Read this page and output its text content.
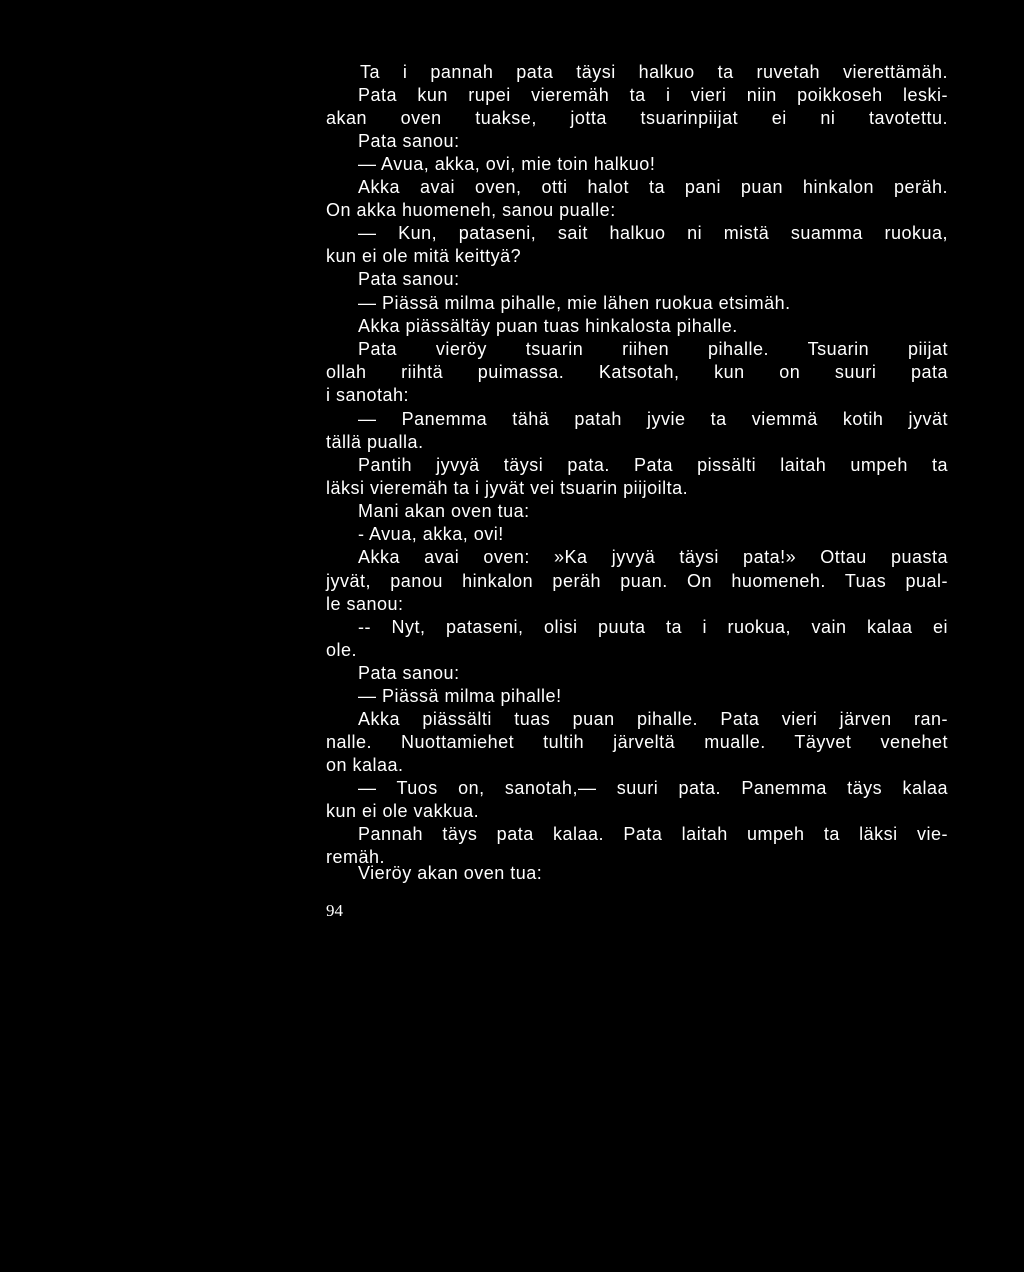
Ta i pannah pata täysi halkuo ta ruvetah vierettämäh.
Pata kun rupei vieremäh ta i vieri niin poikkoseh leski-
akan oven tuakse, jotta tsuarinpiijat ei ni tavotettu.
Pata sanou:
— Avua, akka, ovi, mie toin halkuo!
Akka avai oven, otti halot ta pani puan hinkalon peräh.
On akka huomeneh, sanou pualle:
— Kun, pataseni, sait halkuo ni mistä suamma ruokua,
kun ei ole mitä keittyä?
Pata sanou:
— Piässä milma pihalle, mie lähen ruokua etsimäh.
Akka piässältäy puan tuas hinkalosta pihalle.
Pata vieröy tsuarin riihen pihalle. Tsuarin piijat
ollah riihtä puimassa. Katsotah, kun on suuri pata
i sanotah:
— Panemma tähä patah jyvie ta viemmä kotih jyvät
tällä pualla.
Pantih jyvyä täysi pata. Pata pissälti laitah umpeh ta
läksi vieremäh ta i jyvät vei tsuarin piijoilta.
Mani akan oven tua:
- Avua, akka, ovi!
Akka avai oven: »Ka jyvyä täysi pata!» Ottau puasta
jyvät, panou hinkalon peräh puan. On huomeneh. Tuas pual-
le sanou:
-- Nyt, pataseni, olisi puuta ta i ruokua, vain kalaa ei
ole.
Pata sanou:
— Piässä milma pihalle!
Akka piässälti tuas puan pihalle. Pata vieri järven ran-
nalle. Nuottamiehet tultih järveltä mualle. Täyvet venehet
on kalaa.
— Tuos on, sanotah,— suuri pata. Panemma täys kalaa
kun ei ole vakkua.
Pannah täys pata kalaa. Pata laitah umpeh ta läksi vie-
remäh.
Vieröy akan oven tua:
94
